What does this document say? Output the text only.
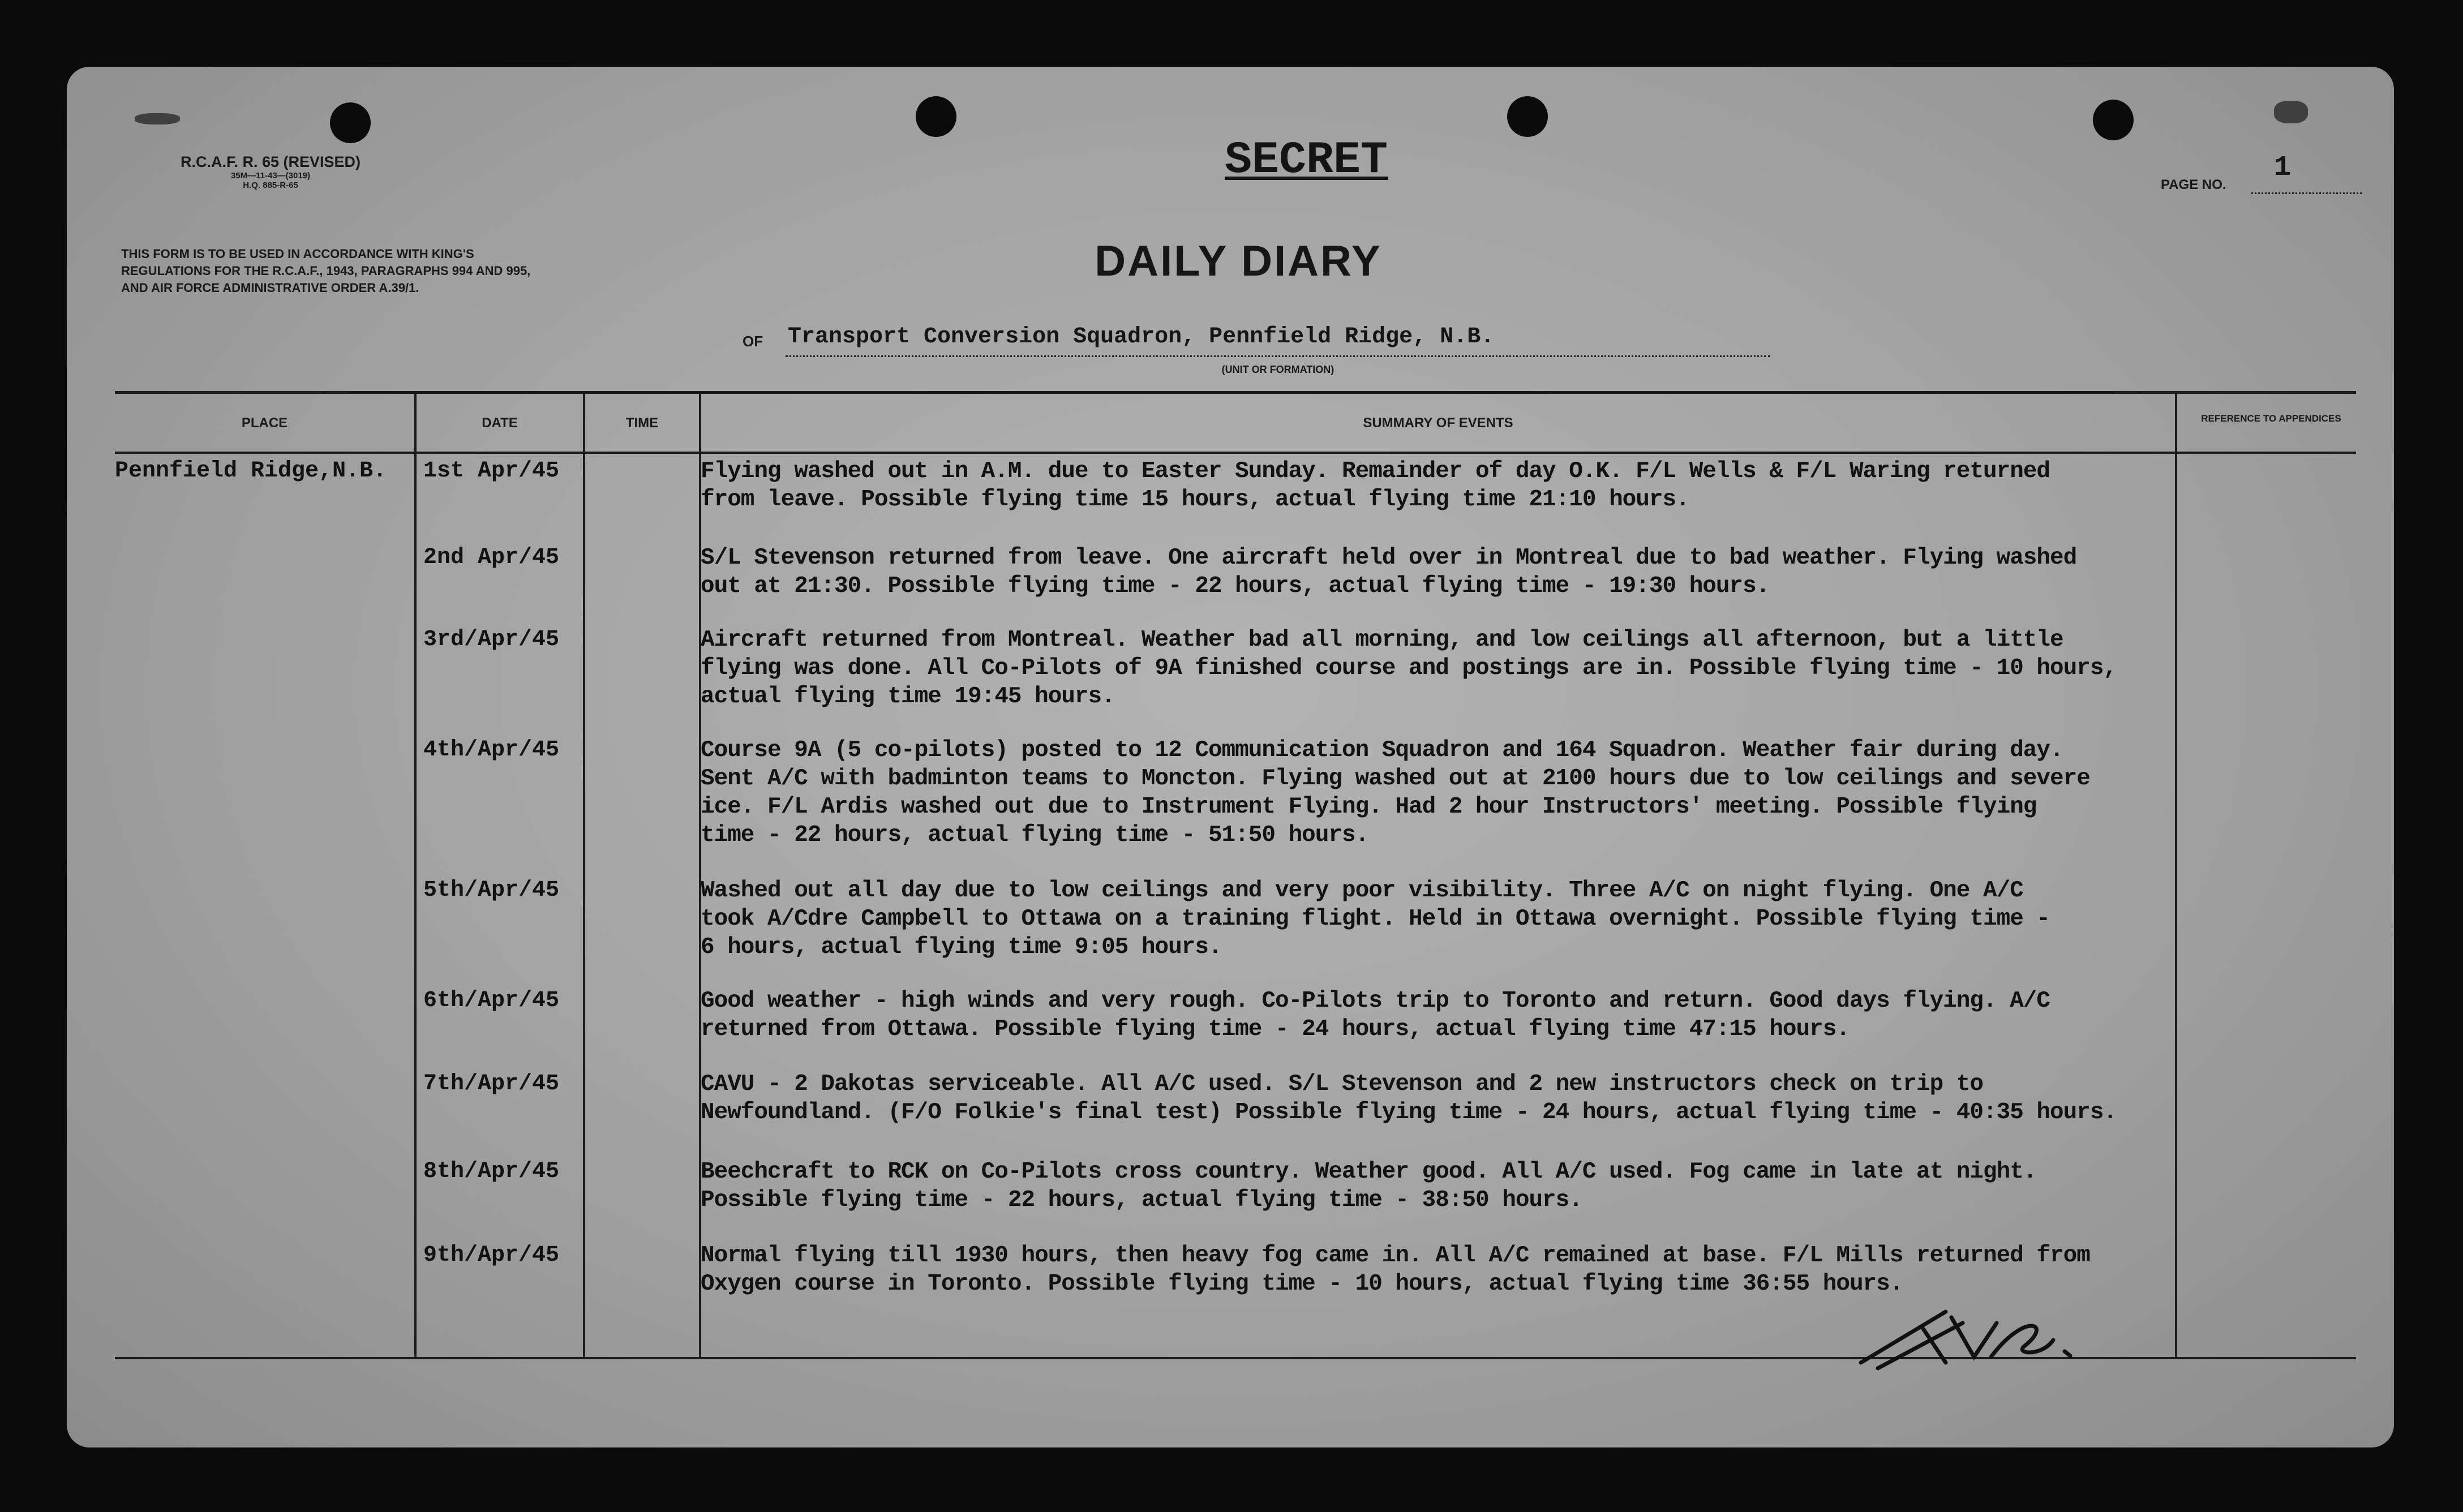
R.C.A.F. R. 65 (REVISED)
35M—11-43—(3019)
H.Q. 885-R-65	SECRET	PAGE NO.
1
THIS FORM IS TO BE USED IN ACCORDANCE WITH KING'S REGULATIONS FOR THE R.C.A.F., 1943, PARAGRAPHS 994 AND 995, AND AIR FORCE ADMINISTRATIVE ORDER A.39/1.
DAILY DIARY
OF Transport Conversion Squadron, Pennfield Ridge, N.B.
(UNIT OR FORMATION)
PLACE	DATE	TIME	SUMMARY OF EVENTS	REFERENCE TO APPENDICES
Pennfield Ridge,N.B.	1st Apr/45	Flying washed out in A.M. due to Easter Sunday. Remainder of day O.K. F/L Wells & F/L Waring returned
from leave. Possible flying time 15 hours, actual flying time 21:10 hours.
2nd Apr/45	S/L Stevenson returned from leave. One aircraft held over in Montreal due to bad weather. Flying washed
out at 21:30. Possible flying time - 22 hours, actual flying time - 19:30 hours.
3rd/Apr/45	Aircraft returned from Montreal. Weather bad all morning, and low ceilings all afternoon, but a little
flying was done. All Co-Pilots of 9A finished course and postings are in. Possible flying time - 10 hours,
actual flying time 19:45 hours.
4th/Apr/45	Course 9A (5 co-pilots) posted to 12 Communication Squadron and 164 Squadron. Weather fair during day.
Sent A/C with badminton teams to Moncton. Flying washed out at 2100 hours due to low ceilings and severe
ice. F/L Ardis washed out due to Instrument Flying. Had 2 hour Instructors' meeting. Possible flying
time - 22 hours, actual flying time - 51:50 hours.
5th/Apr/45	Washed out all day due to low ceilings and very poor visibility. Three A/C on night flying. One A/C
took A/Cdre Campbell to Ottawa on a training flight. Held in Ottawa overnight. Possible flying time -
6 hours, actual flying time 9:05 hours.
6th/Apr/45	Good weather - high winds and very rough. Co-Pilots trip to Toronto and return. Good days flying. A/C
returned from Ottawa. Possible flying time - 24 hours, actual flying time 47:15 hours.
7th/Apr/45	CAVU - 2 Dakotas serviceable. All A/C used. S/L Stevenson and 2 new instructors check on trip to
Newfoundland. (F/O Folkie's final test) Possible flying time - 24 hours, actual flying time - 40:35 hours.
8th/Apr/45	Beechcraft to RCK on Co-Pilots cross country. Weather good. All A/C used. Fog came in late at night.
Possible flying time - 22 hours, actual flying time - 38:50 hours.
9th/Apr/45	Normal flying till 1930 hours, then heavy fog came in. All A/C remained at base. F/L Mills returned from
Oxygen course in Toronto. Possible flying time - 10 hours, actual flying time 36:55 hours.
